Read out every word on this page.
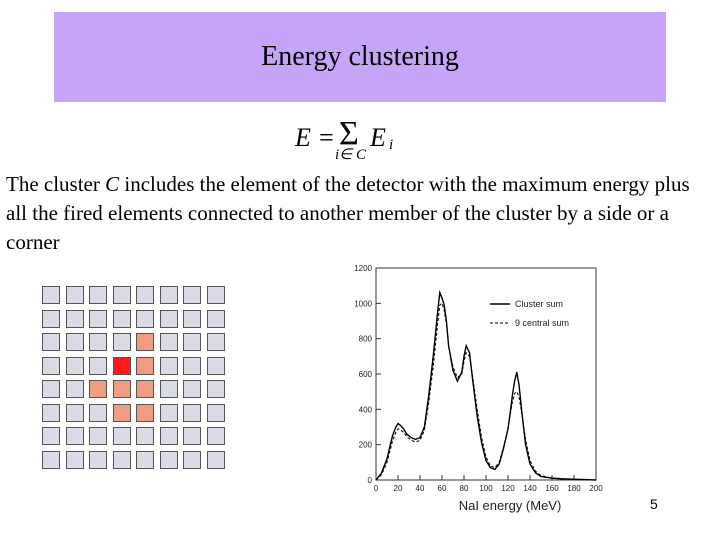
Energy clustering
E = Σ
i∈ C
E i
The cluster C includes the element of the detector with the maximum energy plus all the fired elements connected to another member of the cluster by a side or a corner
0
200
400
600
800
1000
1200
0 20 40 60 80 100 120 140 160 180 200
Cluster sum
9 central sum
NaI energy (MeV)	5
